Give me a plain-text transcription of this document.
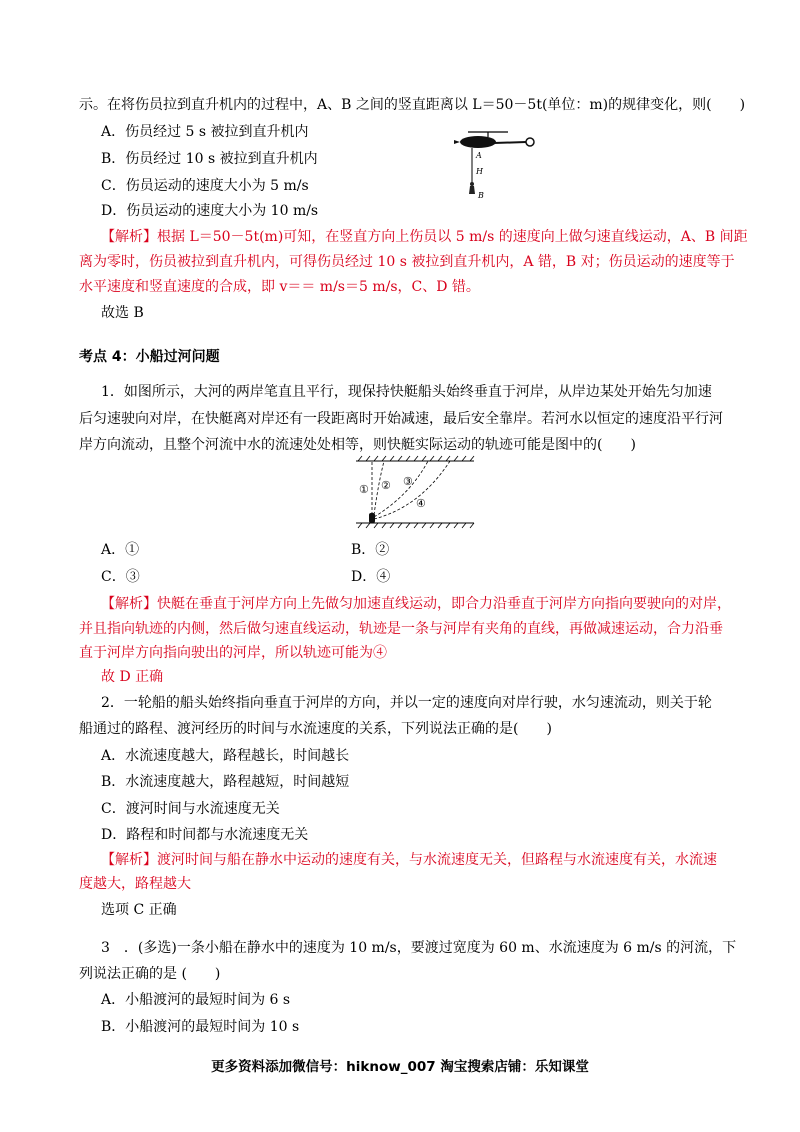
示。在将伤员拉到直升机内的过程中，A、B 之间的竖直距离以 L＝50－5t(单位：m)的规律变化，则(　　)
A．伤员经过 5 s 被拉到直升机内
B．伤员经过 10 s 被拉到直升机内
C．伤员运动的速度大小为 5 m/s
D．伤员运动的速度大小为 10 m/s
A
H
B
【解析】根据 L＝50－5t(m)可知，在竖直方向上伤员以 5 m/s 的速度向上做匀速直线运动，A、B 间距
离为零时，伤员被拉到直升机内，可得伤员经过 10 s 被拉到直升机内，A 错，B 对；伤员运动的速度等于
水平速度和竖直速度的合成，即 v＝＝ m/s＝5 m/s，C、D 错。
故选 B
考点 4：小船过河问题
1．如图所示，大河的两岸笔直且平行，现保持快艇船头始终垂直于河岸，从岸边某处开始先匀加速
后匀速驶向对岸，在快艇离对岸还有一段距离时开始减速，最后安全靠岸。若河水以恒定的速度沿平行河
岸方向流动，且整个河流中水的流速处处相等，则快艇实际运动的轨迹可能是图中的(　　)
① ② ③
④
A．①	B．②
C．③	D．④
【解析】快艇在垂直于河岸方向上先做匀加速直线运动，即合力沿垂直于河岸方向指向要驶向的对岸，
并且指向轨迹的内侧，然后做匀速直线运动，轨迹是一条与河岸有夹角的直线，再做减速运动，合力沿垂
直于河岸方向指向驶出的河岸，所以轨迹可能为④
故 D 正确
2．一轮船的船头始终指向垂直于河岸的方向，并以一定的速度向对岸行驶，水匀速流动，则关于轮
船通过的路程、渡河经历的时间与水流速度的关系，下列说法正确的是(　　)
A．水流速度越大，路程越长，时间越长
B．水流速度越大，路程越短，时间越短
C．渡河时间与水流速度无关
D．路程和时间都与水流速度无关
【解析】渡河时间与船在静水中运动的速度有关，与水流速度无关，但路程与水流速度有关，水流速
度越大，路程越大
选项 C 正确
3　．(多选)一条小船在静水中的速度为 10 m/s，要渡过宽度为 60 m、水流速度为 6 m/s 的河流，下
列说法正确的是 (　　)
A．小船渡河的最短时间为 6 s
B．小船渡河的最短时间为 10 s
更多资料添加微信号：hiknow_007 淘宝搜索店铺：乐知课堂
